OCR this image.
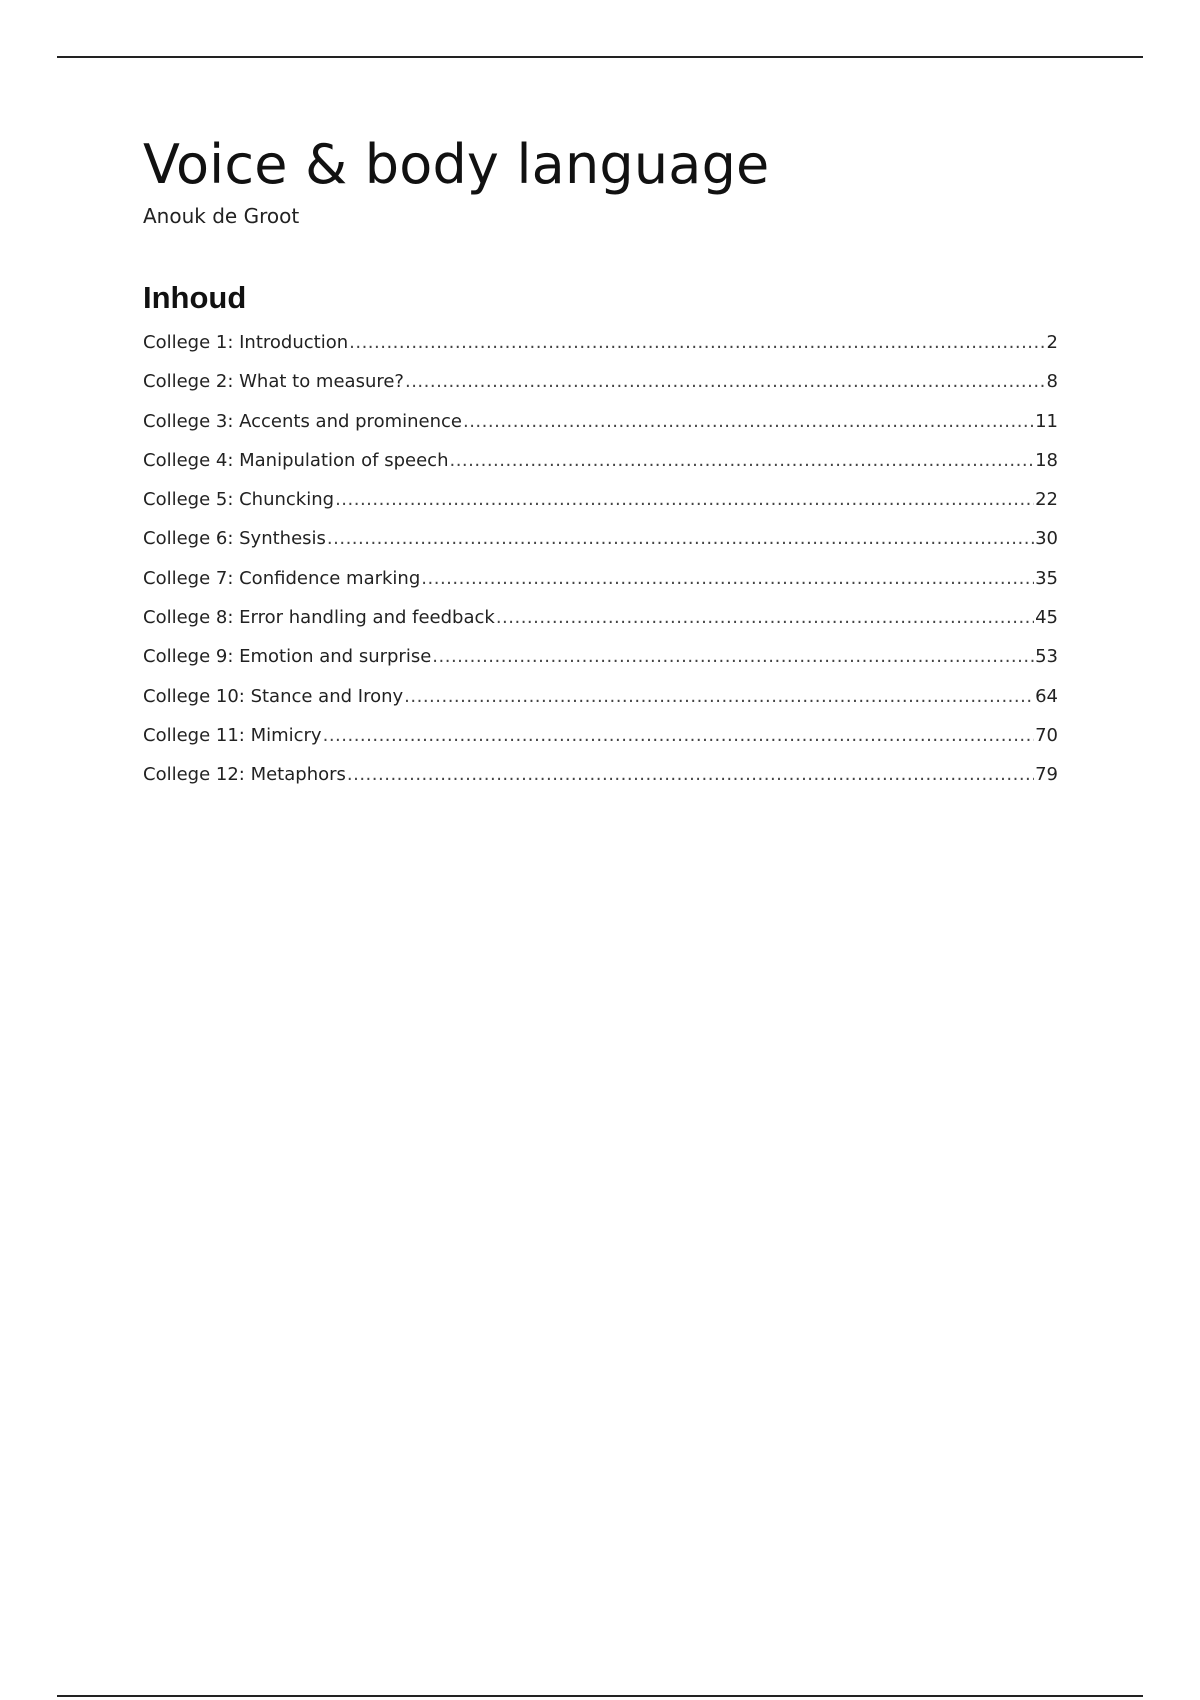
Voice & body language
Anouk de Groot
Inhoud
College 1: Introduction .....	2
College 2: What to measure? .....	8
College 3: Accents and prominence .....	11
College 4: Manipulation of speech .....	18
College 5: Chuncking .....	22
College 6: Synthesis .....	30
College 7: Confidence marking .....	35
College 8: Error handling and feedback .....	45
College 9: Emotion and surprise .....	53
College 10: Stance and Irony .....	64
College 11: Mimicry .....	70
College 12: Metaphors .....	79
